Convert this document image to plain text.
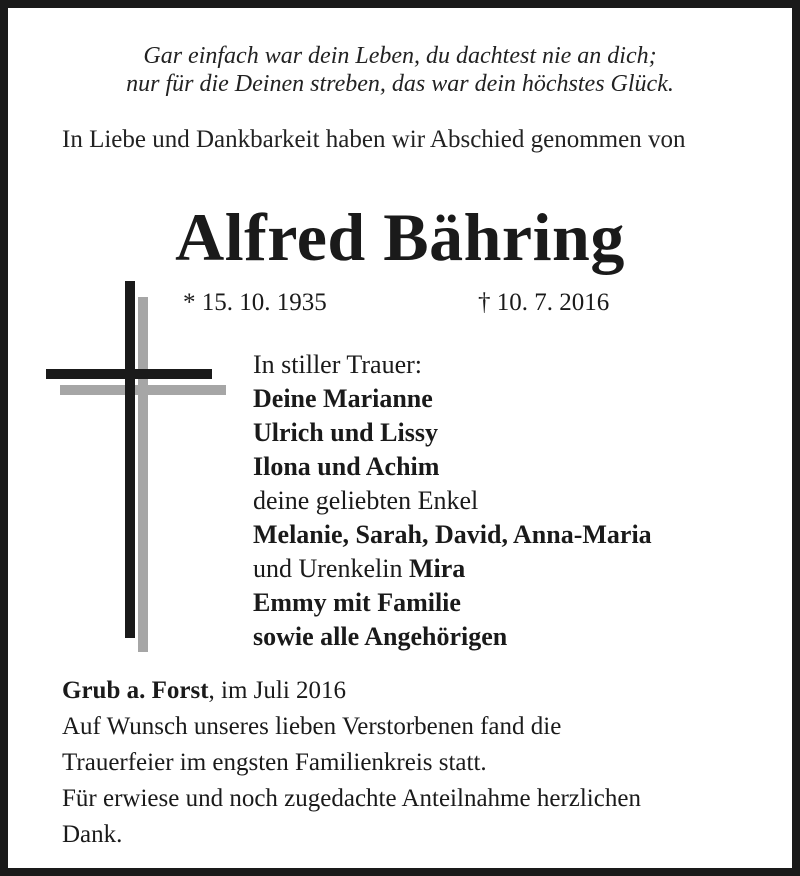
Gar einfach war dein Leben, du dachtest nie an dich;
nur für die Deinen streben, das war dein höchstes Glück.
In Liebe und Dankbarkeit haben wir Abschied genommen von
Alfred Bähring
* 15. 10. 1935	† 10. 7. 2016
In stiller Trauer:
Deine Marianne
Ulrich und Lissy
Ilona und Achim
deine geliebten Enkel
Melanie, Sarah, David, Anna-Maria
und Urenkelin Mira
Emmy mit Familie
sowie alle Angehörigen
Grub a. Forst, im Juli 2016
Auf Wunsch unseres lieben Verstorbenen fand die
Trauerfeier im engsten Familienkreis statt.
Für erwiese und noch zugedachte Anteilnahme herzlichen
Dank.
